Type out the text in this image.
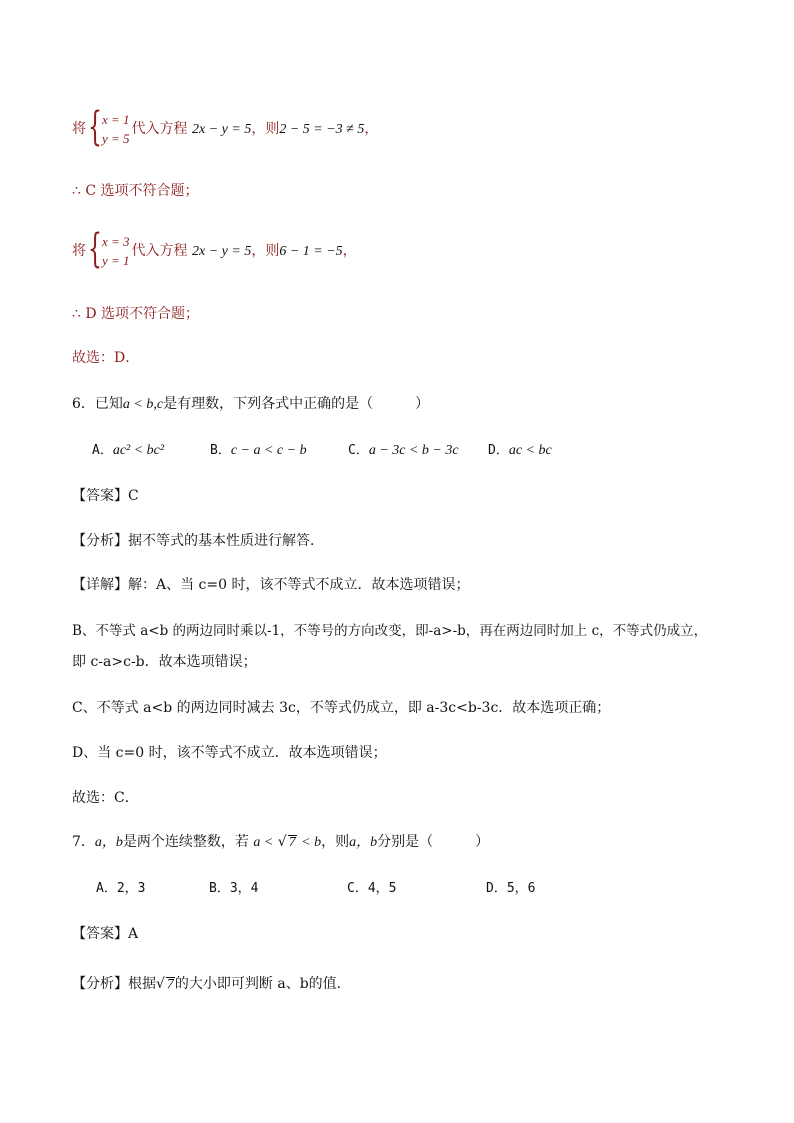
将 { x = 1
y = 5
代入方程 2x − y = 5，则2 − 5 = −3 ≠ 5，
∴ C 选项不符合题；
将 { x = 3
y = 1
代入方程 2x − y = 5，则6 − 1 = −5，
∴ D 选项不符合题；
故选：D．
6．已知a < b,c是有理数，下列各式中正确的是（　　　）
A．ac² < bc²	B．c − a < c − b	C．a − 3c < b − 3c D．ac < bc
【答案】C
【分析】据不等式的基本性质进行解答．
【详解】解：A、当 c=0 时，该不等式不成立．故本选项错误；
B、不等式 a<b 的两边同时乘以-1，不等号的方向改变，即-a>-b，再在两边同时加上 c，不等式仍成立，
即 c-a>c-b．故本选项错误；
C、不等式 a<b 的两边同时减去 3c，不等式仍成立，即 a-3c<b-3c．故本选项正确；
D、当 c=0 时，该不等式不成立．故本选项错误；
故选：C．
7．a，b是两个连续整数，若 a < √ 7 < b，则a，b分别是（　　　）
A．2，3	B．3，4	C．4，5	D．5，6
【答案】A
【分析】根据√ 7的大小即可判断 a、b的值．
